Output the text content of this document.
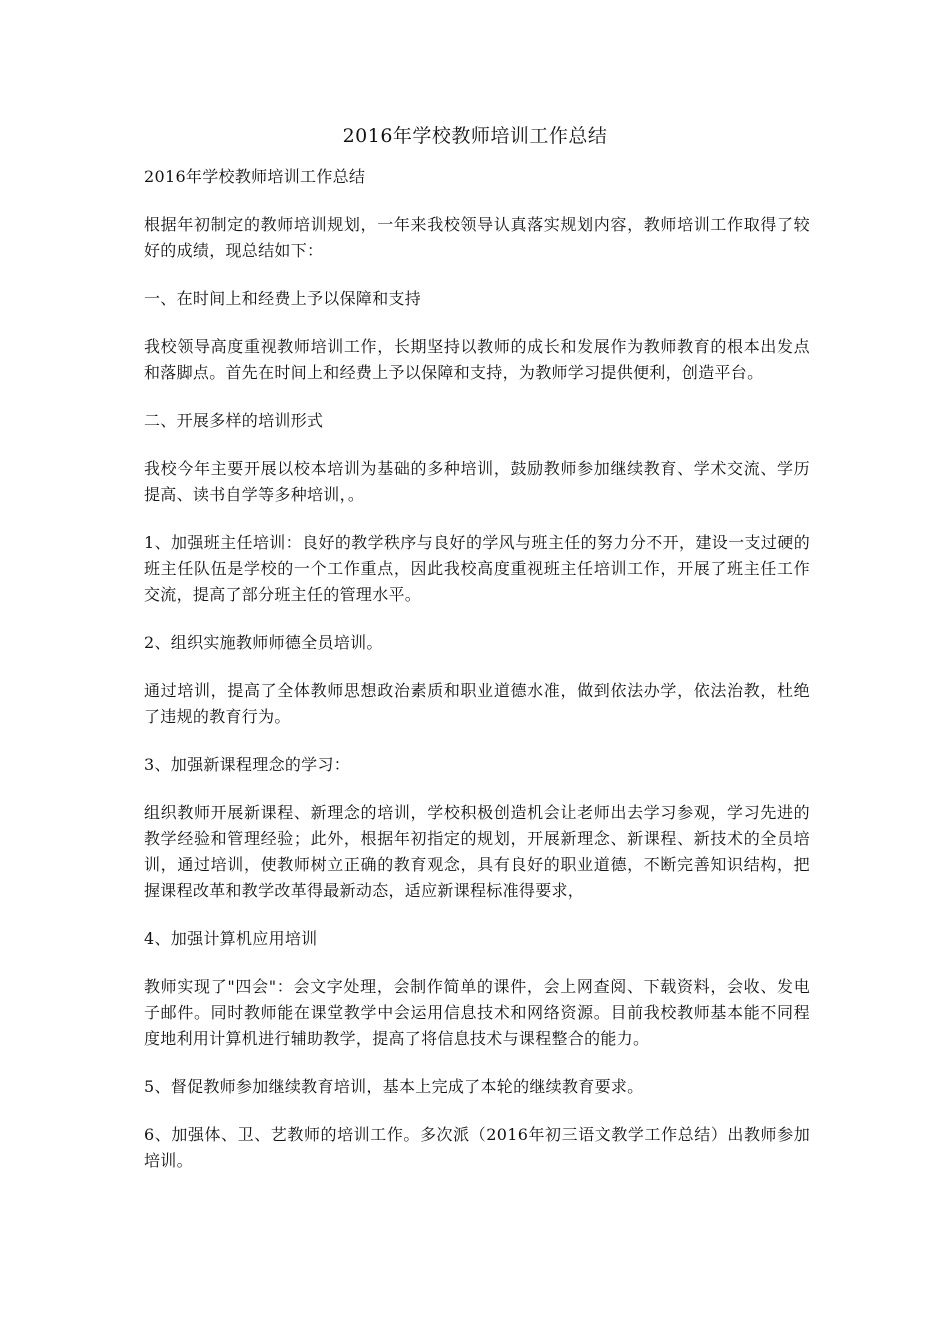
2016年学校教师培训工作总结

2016年学校教师培训工作总结

根据年初制定的教师培训规划，一年来我校领导认真落实规划内容，教师培训工作取得了较好的成绩，现总结如下：

一、在时间上和经费上予以保障和支持

我校领导高度重视教师培训工作，长期坚持以教师的成长和发展作为教师教育的根本出发点和落脚点。首先在时间上和经费上予以保障和支持，为教师学习提供便利，创造平台。

二、开展多样的培训形式

我校今年主要开展以校本培训为基础的多种培训，鼓励教师参加继续教育、学术交流、学历提高、读书自学等多种培训，。

1、加强班主任培训：良好的教学秩序与良好的学风与班主任的努力分不开，建设一支过硬的班主任队伍是学校的一个工作重点，因此我校高度重视班主任培训工作，开展了班主任工作交流，提高了部分班主任的管理水平。

2、组织实施教师师德全员培训。

通过培训，提高了全体教师思想政治素质和职业道德水准，做到依法办学，依法治教，杜绝了违规的教育行为。

3、加强新课程理念的学习：

组织教师开展新课程、新理念的培训，学校积极创造机会让老师出去学习参观，学习先进的教学经验和管理经验；此外，根据年初指定的规划，开展新理念、新课程、新技术的全员培训，通过培训，使教师树立正确的教育观念，具有良好的职业道德，不断完善知识结构，把握课程改革和教学改革得最新动态，适应新课程标准得要求，

4、加强计算机应用培训

教师实现了"四会"：会文字处理，会制作简单的课件，会上网查阅、下载资料，会收、发电子邮件。同时教师能在课堂教学中会运用信息技术和网络资源。目前我校教师基本能不同程度地利用计算机进行辅助教学，提高了将信息技术与课程整合的能力。

5、督促教师参加继续教育培训，基本上完成了本轮的继续教育要求。

6、加强体、卫、艺教师的培训工作。多次派（2016年初三语文教学工作总结）出教师参加培训。
